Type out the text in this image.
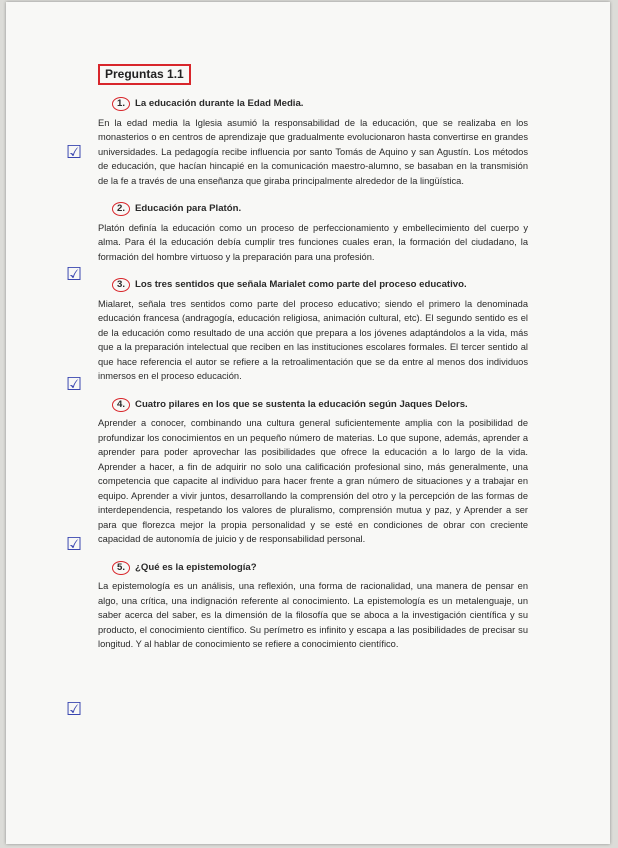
☑
☑
☑
☑
☑
Preguntas 1.1
1. La educación durante la Edad Media.
En la edad media la Iglesia asumió la responsabilidad de la educación, que se realizaba en los monasterios o en centros de aprendizaje que gradualmente evolucionaron hasta convertirse en grandes universidades. La pedagogía recibe influencia por santo Tomás de Aquino y san Agustín. Los métodos de educación, que hacían hincapié en la comunicación maestro-alumno, se basaban en la transmisión de la fe a través de una enseñanza que giraba principalmente alrededor de la lingüística.
2. Educación para Platón.
Platón definía la educación como un proceso de perfeccionamiento y embellecimiento del cuerpo y alma. Para él la educación debía cumplir tres funciones cuales eran, la formación del ciudadano, la formación del hombre virtuoso y la preparación para una profesión.
3. Los tres sentidos que señala Marialet como parte del proceso educativo.
Mialaret, señala tres sentidos como parte del proceso educativo; siendo el primero la denominada educación francesa (andragogía, educación religiosa, animación cultural, etc). El segundo sentido es el de la educación como resultado de una acción que prepara a los jóvenes adaptándolos a la vida, más que a la preparación intelectual que reciben en las instituciones escolares formales. El tercer sentido al que hace referencia el autor se refiere a la retroalimentación que se da entre al menos dos individuos inmersos en el proceso educación.
4. Cuatro pilares en los que se sustenta la educación según Jaques Delors.
Aprender a conocer, combinando una cultura general suficientemente amplia con la posibilidad de profundizar los conocimientos en un pequeño número de materias. Lo que supone, además, aprender a aprender para poder aprovechar las posibilidades que ofrece la educación a lo largo de la vida. Aprender a hacer, a fin de adquirir no solo una calificación profesional sino, más generalmente, una competencia que capacite al individuo para hacer frente a gran número de situaciones y a trabajar en equipo. Aprender a vivir juntos, desarrollando la comprensión del otro y la percepción de las formas de interdependencia, respetando los valores de pluralismo, comprensión mutua y paz, y Aprender a ser para que florezca mejor la propia personalidad y se esté en condiciones de obrar con creciente capacidad de autonomía de juicio y de responsabilidad personal.
5. ¿Qué es la epistemología?
La epistemología es un análisis, una reflexión, una forma de racionalidad, una manera de pensar en algo, una crítica, una indignación referente al conocimiento. La epistemología es un metalenguaje, un saber acerca del saber, es la dimensión de la filosofía que se aboca a la investigación científica y su producto, el conocimiento científico. Su perímetro es infinito y escapa a las posibilidades de precisar su longitud. Y al hablar de conocimiento se refiere a conocimiento científico.
